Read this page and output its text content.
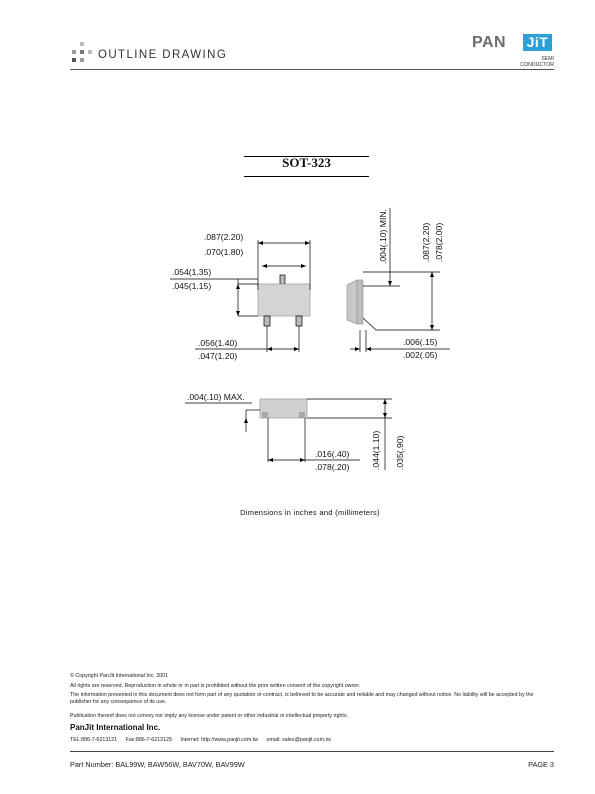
OUTLINE DRAWING
PAN JiT
SEMI
CONDUCTOR
SOT-323
.087(2.20)
.070(1.80)
.054(1.35)
.045(1.15)
.056(1.40)
.047(1.20)
.004(.10) MIN.	.087(2.20) .078(2.00)
.006(.15)
.002(.05)
.004(.10) MAX.
.016(.40)
.078(.20)	.044(1.10) .035(.90)
Dimensions in inches and (millimeters)
© Copyright PanJit International Inc. 2001
All rights are reserved. Reproduction in whole or in part is prohibited without the prior written consent of the copyright owner.
The information presented in this document does not form part of any quotation or contract, is believed to be accurate and reliable and may changed without notice. No liability will be accepted by the publisher for any consequence of its use.
Publication thereof does not convey nor imply any license under patent or other industrial or intellectual property rights.
PanJit International Inc.
TEL:886-7-6213121 Fax:886-7-6213129 Internet: http://www.panjit.com.tw email: sales@panjit.com.tw
Part Number: BAL99W, BAW56W, BAV70W, BAV99W	PAGE 3
